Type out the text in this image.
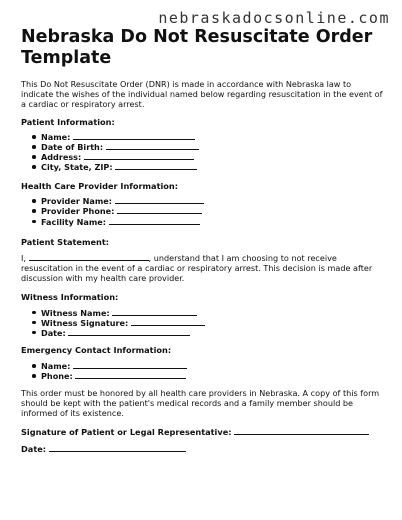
nebraskadocsonline.com
Nebraska Do Not Resuscitate Order Template

This Do Not Resuscitate Order (DNR) is made in accordance with Nebraska law to indicate the wishes of the individual named below regarding resuscitation in the event of a cardiac or respiratory arrest.

Patient Information:

Name:
Date of Birth:
Address:
City, State, ZIP:

Health Care Provider Information:

Provider Name:
Provider Phone:
Facility Name:

Patient Statement:

I,	, understand that I am choosing to not receive resuscitation in the event of a cardiac or respiratory arrest. This decision is made after discussion with my health care provider.

Witness Information:

Witness Name:
Witness Signature:
Date:

Emergency Contact Information:

Name:
Phone:

This order must be honored by all health care providers in Nebraska. A copy of this form should be kept with the patient's medical records and a family member should be informed of its existence.

Signature of Patient or Legal Representative:

Date:
